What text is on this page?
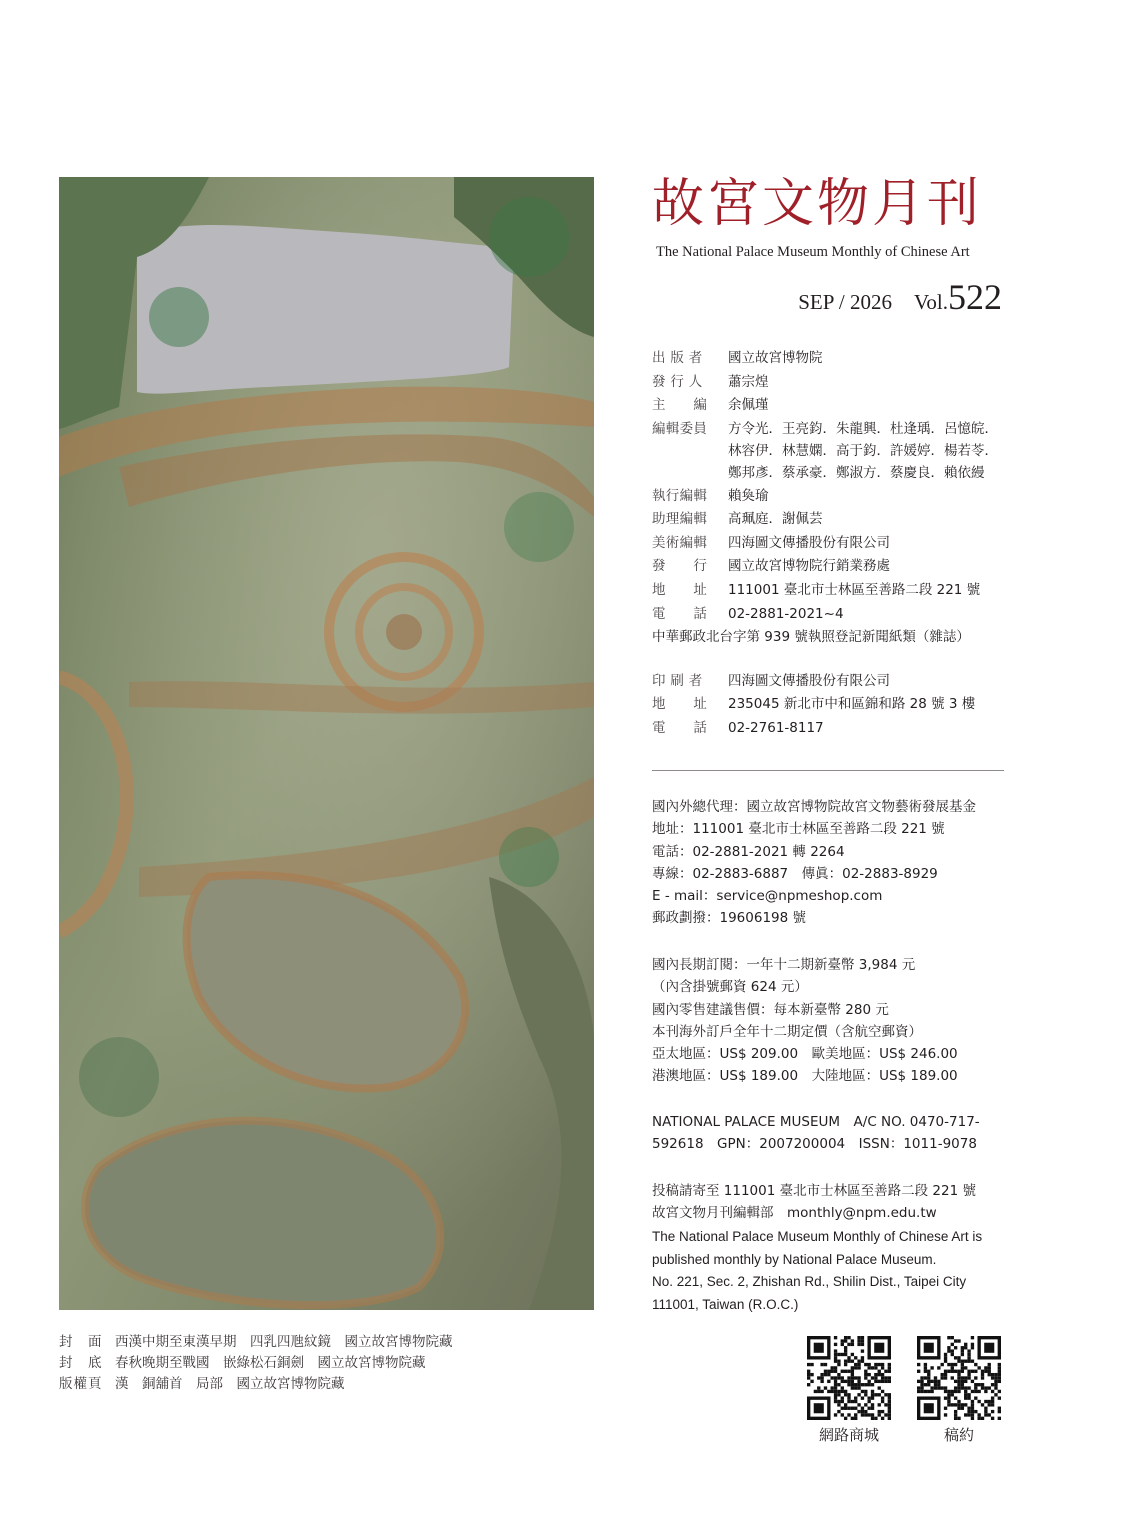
封　面 西漢中期至東漢早期　四乳四虺紋鏡　國立故宮博物院藏
封　底 春秋晚期至戰國　嵌綠松石銅劍　國立故宮博物院藏
版權頁 漢　銅舖首　局部　國立故宮博物院藏
故宮文物月刊
The National Palace Museum Monthly of Chinese Art
SEP / 2026 Vol.522
出 版 者	國立故宮博物院
發 行 人	蕭宗煌
主　　編	余佩瑾
編輯委員	方令光．王亮鈞．朱龍興．杜逢瑀．呂憶皖．
林容伊．林慧嫻．高于鈞．許媛婷．楊若苓．
鄭邦彥．蔡承豪．鄭淑方．蔡慶良．賴依縵
執行編輯	賴奐瑜
助理編輯	高珮庭．謝佩芸
美術編輯	四海圖文傳播股份有限公司
發　　行	國立故宮博物院行銷業務處
地　　址	111001 臺北市士林區至善路二段 221 號
電　　話	02-2881-2021~4
中華郵政北台字第 939 號執照登記新聞紙類（雜誌）
印 刷 者	四海圖文傳播股份有限公司
地　　址	235045 新北市中和區錦和路 28 號 3 樓
電　　話	02-2761-8117
國內外總代理：國立故宮博物院故宮文物藝術發展基金
地址：111001 臺北市士林區至善路二段 221 號
電話：02-2881-2021 轉 2264
專線：02-2883-6887　傳眞：02-2883-8929
E - mail：service@npmeshop.com
郵政劃撥：19606198 號
國內長期訂閱：一年十二期新臺幣 3,984 元
（內含掛號郵資 624 元）
國內零售建議售價：每本新臺幣 280 元
本刊海外訂戶全年十二期定價（含航空郵資）
亞太地區：US$ 209.00　歐美地區：US$ 246.00
港澳地區：US$ 189.00　大陸地區：US$ 189.00
NATIONAL PALACE MUSEUM　A/C NO. 0470-717-
592618　GPN：2007200004　ISSN：1011-9078
投稿請寄至 111001 臺北市士林區至善路二段 221 號
故宮文物月刊編輯部　monthly@npm.edu.tw
The National Palace Museum Monthly of Chinese Art is
published monthly by National Palace Museum.
No. 221, Sec. 2, Zhishan Rd., Shilin Dist., Taipei City
111001, Taiwan (R.O.C.)
網路商城	稿約
